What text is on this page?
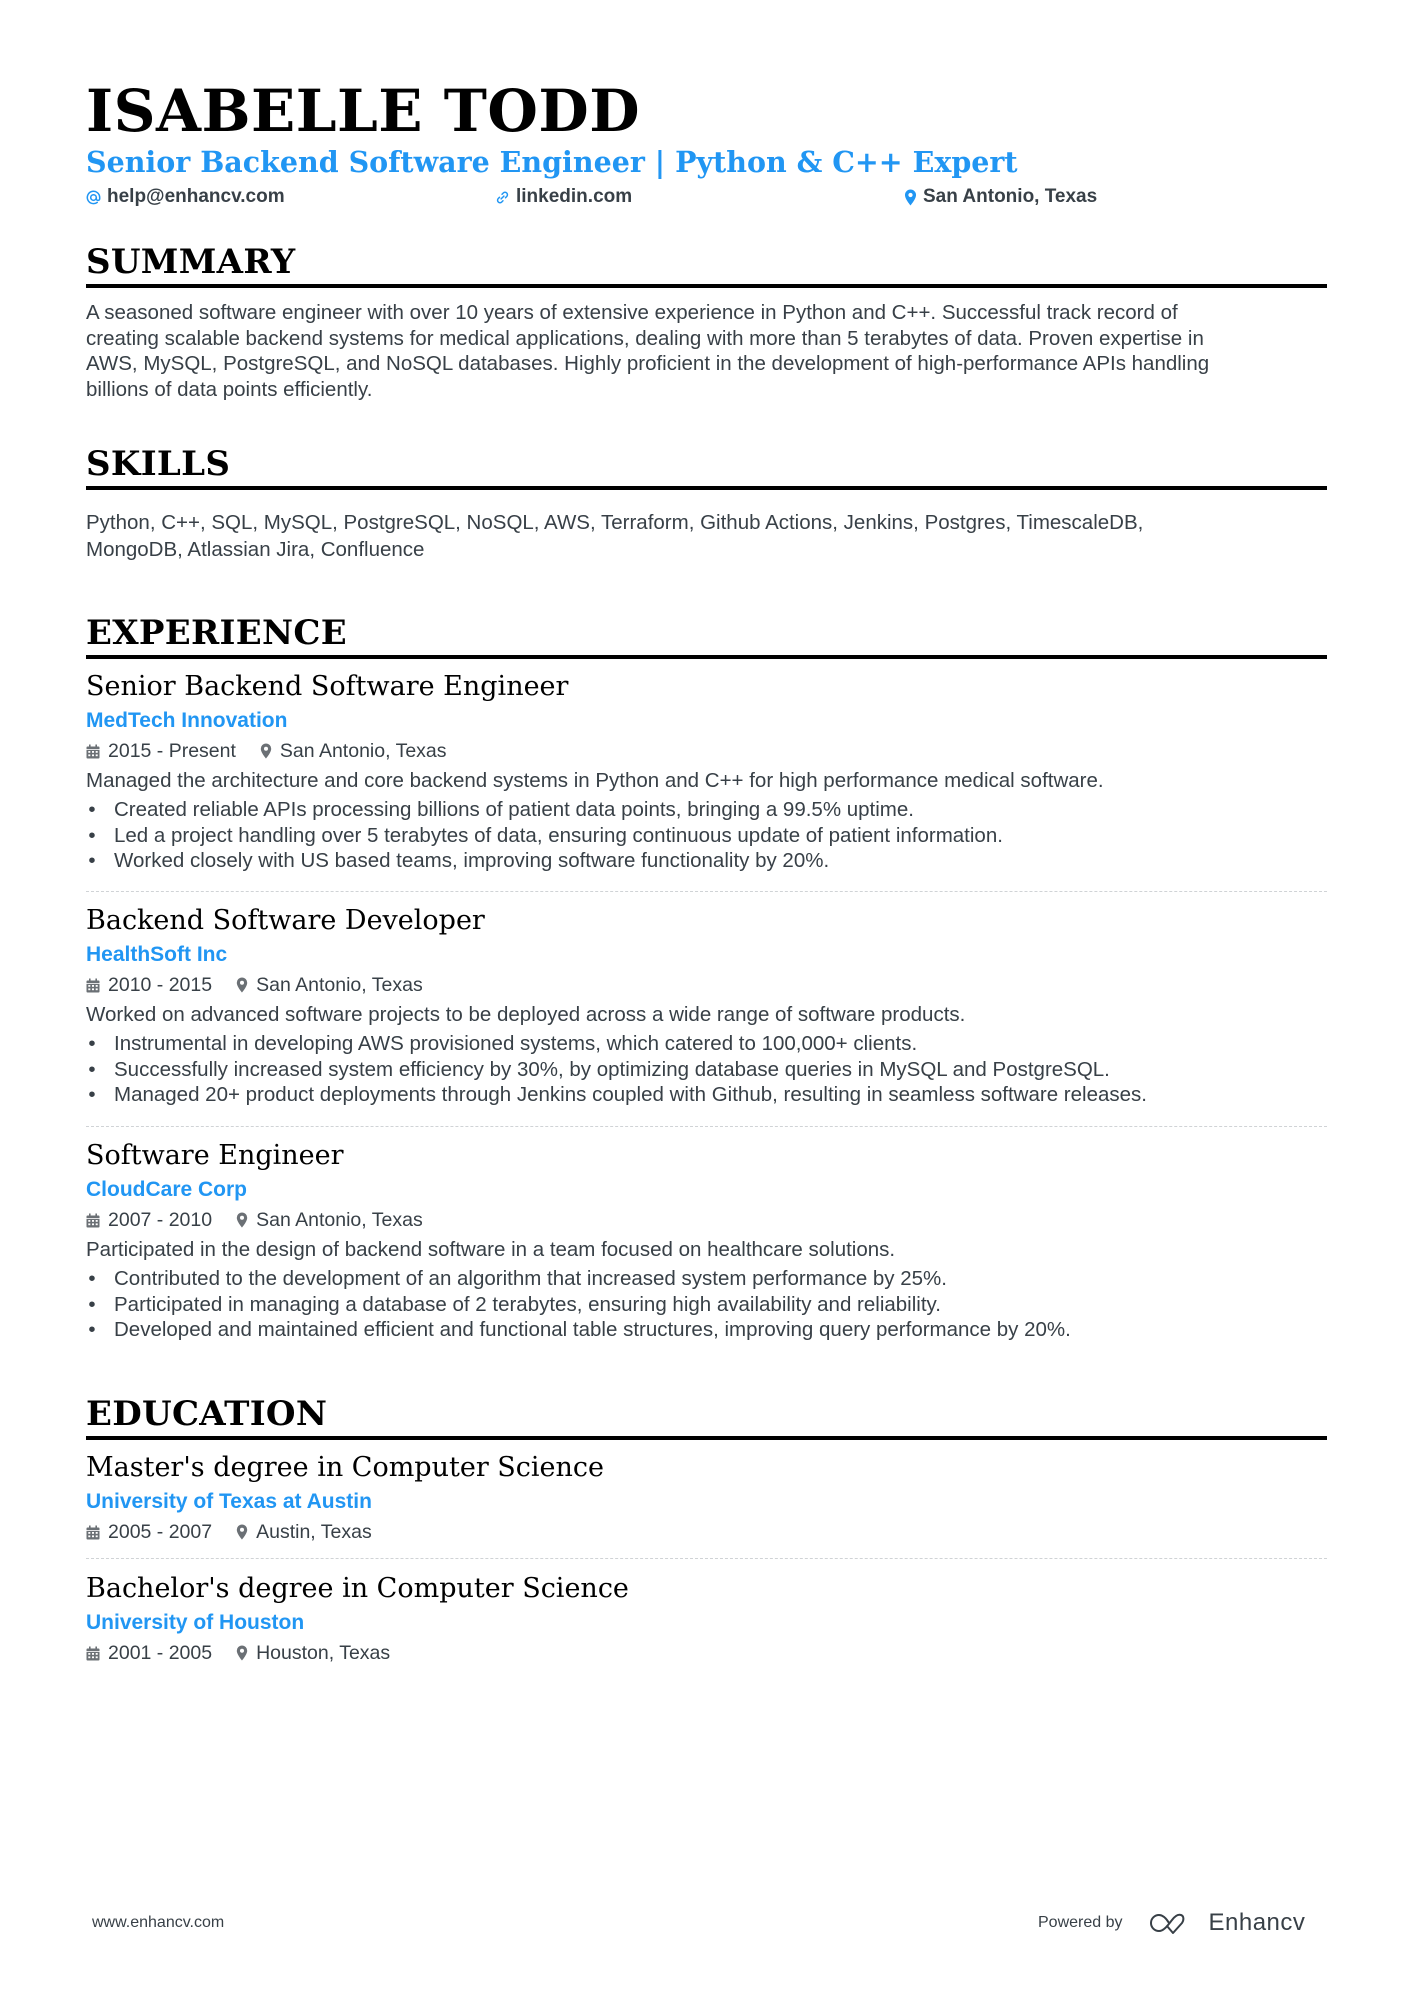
ISABELLE TODD
Senior Backend Software Engineer | Python & C++ Expert
help@enhancv.com	linkedin.com	San Antonio, Texas
SUMMARY
A seasoned software engineer with over 10 years of extensive experience in Python and C++. Successful track record of
creating scalable backend systems for medical applications, dealing with more than 5 terabytes of data. Proven expertise in
AWS, MySQL, PostgreSQL, and NoSQL databases. Highly proficient in the development of high-performance APIs handling
billions of data points efficiently.
SKILLS
Python, C++, SQL, MySQL, PostgreSQL, NoSQL, AWS, Terraform, Github Actions, Jenkins, Postgres, TimescaleDB,
MongoDB, Atlassian Jira, Confluence
EXPERIENCE
Senior Backend Software Engineer
MedTech Innovation
2015 - Present San Antonio, Texas
Managed the architecture and core backend systems in Python and C++ for high performance medical software.
• Created reliable APIs processing billions of patient data points, bringing a 99.5% uptime.
• Led a project handling over 5 terabytes of data, ensuring continuous update of patient information.
• Worked closely with US based teams, improving software functionality by 20%.
Backend Software Developer
HealthSoft Inc
2010 - 2015 San Antonio, Texas
Worked on advanced software projects to be deployed across a wide range of software products.
• Instrumental in developing AWS provisioned systems, which catered to 100,000+ clients.
• Successfully increased system efficiency by 30%, by optimizing database queries in MySQL and PostgreSQL.
• Managed 20+ product deployments through Jenkins coupled with Github, resulting in seamless software releases.
Software Engineer
CloudCare Corp
2007 - 2010 San Antonio, Texas
Participated in the design of backend software in a team focused on healthcare solutions.
• Contributed to the development of an algorithm that increased system performance by 25%.
• Participated in managing a database of 2 terabytes, ensuring high availability and reliability.
• Developed and maintained efficient and functional table structures, improving query performance by 20%.
EDUCATION
Master's degree in Computer Science
University of Texas at Austin
2005 - 2007 Austin, Texas
Bachelor's degree in Computer Science
University of Houston
2001 - 2005 Houston, Texas
www.enhancv.com	Powered by	Enhancv
